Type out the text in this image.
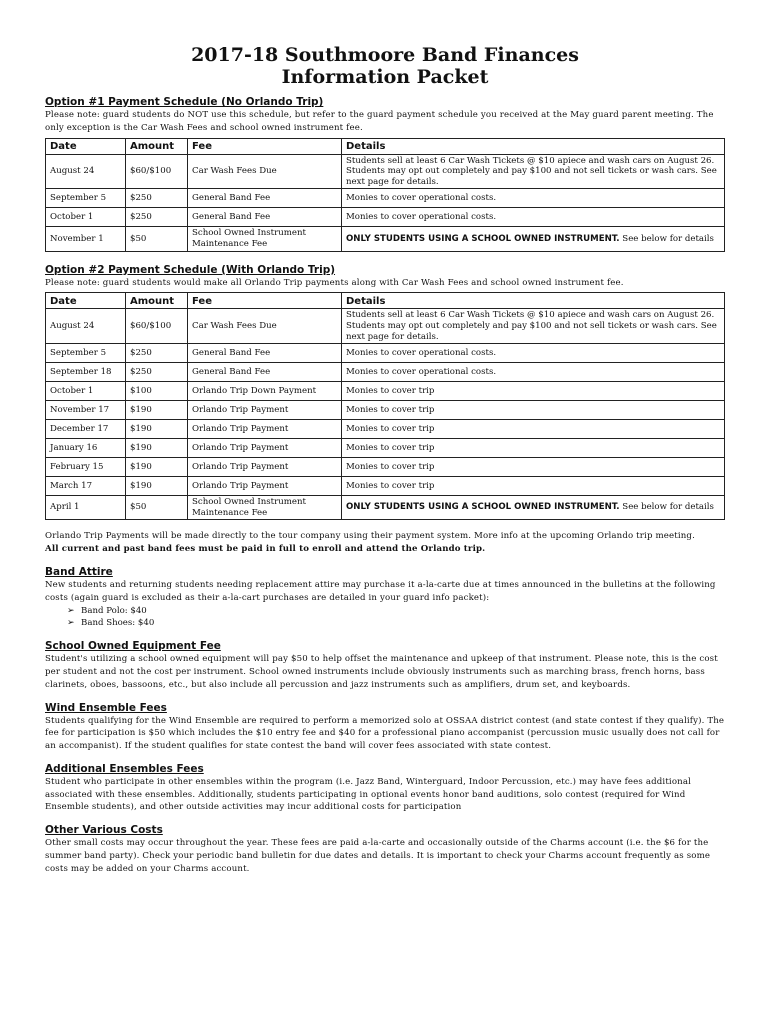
2017-18 Southmoore Band Finances
Information Packet

Option #1 Payment Schedule (No Orlando Trip)

Please note: guard students do NOT use this schedule, but refer to the guard payment schedule you received at the May guard parent meeting. The only exception is the Car Wash Fees and school owned instrument fee.

Date	Amount	Fee	Details
August 24	$60/$100	Car Wash Fees Due	Students sell at least 6 Car Wash Tickets @ $10 apiece and wash cars on August 26. Students may opt out completely and pay $100 and not sell tickets or wash cars. See next page for details.
September 5	$250	General Band Fee	Monies to cover operational costs.
October 1	$250	General Band Fee	Monies to cover operational costs.
November 1	$50	School Owned Instrument Maintenance Fee	ONLY STUDENTS USING A SCHOOL OWNED INSTRUMENT. See below for details

Option #2 Payment Schedule (With Orlando Trip)

Please note: guard students would make all Orlando Trip payments along with Car Wash Fees and school owned instrument fee.

Date	Amount	Fee	Details
August 24	$60/$100	Car Wash Fees Due	Students sell at least 6 Car Wash Tickets @ $10 apiece and wash cars on August 26. Students may opt out completely and pay $100 and not sell tickets or wash cars. See next page for details.
September 5	$250	General Band Fee	Monies to cover operational costs.
September 18	$250	General Band Fee	Monies to cover operational costs.
October 1	$100	Orlando Trip Down Payment	Monies to cover trip
November 17	$190	Orlando Trip Payment	Monies to cover trip
December 17	$190	Orlando Trip Payment	Monies to cover trip
January 16	$190	Orlando Trip Payment	Monies to cover trip
February 15	$190	Orlando Trip Payment	Monies to cover trip
March 17	$190	Orlando Trip Payment	Monies to cover trip
April 1	$50	School Owned Instrument Maintenance Fee	ONLY STUDENTS USING A SCHOOL OWNED INSTRUMENT. See below for details

Orlando Trip Payments will be made directly to the tour company using their payment system. More info at the upcoming Orlando trip meeting.
All current and past band fees must be paid in full to enroll and attend the Orlando trip.

Band Attire

New students and returning students needing replacement attire may purchase it a-la-carte due at times announced in the bulletins at the following costs (again guard is excluded as their a-la-cart purchases are detailed in your guard info packet):

➢ Band Polo: $40
➢ Band Shoes: $40

School Owned Equipment Fee

Student's utilizing a school owned equipment will pay $50 to help offset the maintenance and upkeep of that instrument. Please note, this is the cost per student and not the cost per instrument. School owned instruments include obviously instruments such as marching brass, french horns, bass clarinets, oboes, bassoons, etc., but also include all percussion and jazz instruments such as amplifiers, drum set, and keyboards.

Wind Ensemble Fees

Students qualifying for the Wind Ensemble are required to perform a memorized solo at OSSAA district contest (and state contest if they qualify). The fee for participation is $50 which includes the $10 entry fee and $40 for a professional piano accompanist (percussion music usually does not call for an accompanist). If the student qualifies for state contest the band will cover fees associated with state contest.

Additional Ensembles Fees

Student who participate in other ensembles within the program (i.e. Jazz Band, Winterguard, Indoor Percussion, etc.) may have fees additional associated with these ensembles. Additionally, students participating in optional events honor band auditions, solo contest (required for Wind Ensemble students), and other outside activities may incur additional costs for participation

Other Various Costs

Other small costs may occur throughout the year. These fees are paid a-la-carte and occasionally outside of the Charms account (i.e. the $6 for the summer band party). Check your periodic band bulletin for due dates and details. It is important to check your Charms account frequently as some costs may be added on your Charms account.
